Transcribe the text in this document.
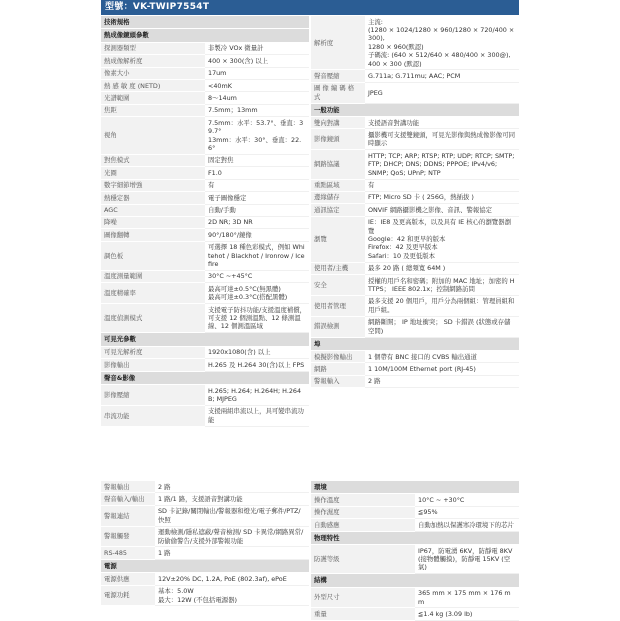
型號：VK-TWIP7554T
技術規格	
熱成像鏡頭參數	
探測器類型	非製冷 VOx 微量計

熱成像解析度	400 × 300(含) 以上

像素大小	17um

熱 感 敏 度 (NETD)	<40mK

光譜範圍	8～14um

焦距	7.5mm；13mm

視角	7.5mm：水平：53.7°、垂直：39.7°
13mm：水平：30°、垂直：22.6°

對焦模式	固定對焦

光圈	F1.0

數字細節增強	有

熱穩定器	電子圖像穩定

AGC	自動/手動

降噪	2D NR; 3D NR

圖像翻轉	90°/180°/鏡像

調色板	可選擇 18 種色彩模式，例如 Whitehot / Blackhot / Ironrow / Icefire

溫度測量範圍	30°C ~+45°C

溫度精確率	最高可達±0.5°C(無黑體)
最高可達±0.3°C(搭配黑體)

溫度偵測模式	支援電子防抖功能/支援溫度補償，可支援 12 個測溫點、12 條測溫線、12 個測溫區域

可見光參數	
可見光解析度	1920x1080(含) 以上

影像輸出	H.265 及 H.264 30(含)以上 FPS

聲音&影像	
影像壓縮	H.265; H.264; H.264H; H.264B; MJPEG

串流功能	支援兩組串流以上，具可變串流功能
解析度	主流:
(1280 × 1024/1280 × 960/1280 × 720/400 × 300),
1280 × 960(默認)
子碼流: (640 × 512/640 × 480/400 × 300@),
400 × 300 (默認)

聲音壓縮	G.711a; G.711mu; AAC; PCM

圖 像 編 碼 格 式	JPEG

一般功能	
雙向對講	支援語音對講功能

影像鏡頭	攝影機可支援雙鏡頭，可見光影像與熱成像影像可同時顯示

網路協議	HTTP; TCP; ARP; RTSP; RTP; UDP; RTCP; SMTP;
FTP; DHCP; DNS; DDNS; PPPOE; IPv4/v6;
SNMP; QoS; UPnP; NTP

重點區域	有

邊緣儲存	FTP; Micro SD 卡 ( 256G，熱插拔 )

通訊協定	ONVIF 網路攝影機之影像、音訊、警報協定

瀏覽	IE：IE8 及更高版本，以及具有 IE 核心的瀏覽器瀏覽
Google：42 和更早的版本
Firefox：42 及更早版本
Safari：10 及更低版本

使用者/主機	最多 20 路 ( 總頻寬 64M )

安全	授權的用戶名和密碼；附加的 MAC 地址；加密的 HTTPS； IEEE 802.1x；控制網路訪問

使用者管理	最多支援 20 個用戶，用戶分為兩個組：管理員組和用戶組。

錯誤檢測	網路斷開； IP 地址衝突； SD 卡錯誤 (狀態或存儲空間)

埠	
模擬影像輸出	1 個帶有 BNC 接口的 CVBS 輸出通道

網路	1 10M/100M Ethernet port (RJ-45)

警報輸入	2 路
警報輸出	2 路

聲音輸入/輸出	1 路/1 路，支援語音對講功能

警報連結	SD 卡記錄/關閉輸出/警報器和燈光/電子郵件/PTZ/快照

警報觸發	運動檢測/隱私遮蔽/聲音檢測/ SD 卡異常/網路異常/防偷偷警告/支援外部警報功能

RS-485	1 路

電源	
電源供應	12V±20% DC, 1.2A, PoE (802.3af), ePoE

電源功耗	基本：5.0W
最大：12W (不包括電源器)
環境	
操作溫度	10°C ~ +30°C

操作濕度	≦95%

自動感應	自動加熱以保護寒冷環境下的芯片

物理特性	
防護等級	IP67，防電湧 6KV，防靜電 8KV (接物體觸摸)，防靜電 15KV (空氣)

結構	
外型尺寸	365 mm × 175 mm × 176 mm

重量	≦1.4 kg (3.09 lb)
